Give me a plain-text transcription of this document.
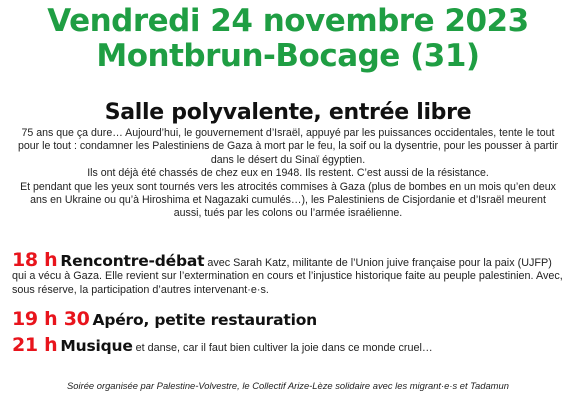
Vendredi 24 novembre 2023
Montbrun-Bocage (31)
Salle polyvalente, entrée libre

75 ans que ça dure… Aujourd’hui, le gouvernement d’Israël, appuyé par les puissances occidentales, tente le tout pour le tout : condamner les Palestiniens de Gaza à mort par le feu, la soif ou la dysentrie, pour les pousser à partir dans le désert du Sinaï égyptien.

Ils ont déjà été chassés de chez eux en 1948. Ils restent. C’est aussi de la résistance.

Et pendant que les yeux sont tournés vers les atrocités commises à Gaza (plus de bombes en un mois qu’en deux ans en Ukraine ou qu’à Hiroshima et Nagazaki cumulés…), les Palestiniens de Cisjordanie et d’Israël meurent aussi, tués par les colons ou l’armée israélienne.

18 h Rencontre-débat avec Sarah Katz, militante de l’Union juive française pour la paix (UJFP) qui a vécu à Gaza. Elle revient sur l’extermination en cours et l’injustice historique faite au peuple palestinien. Avec, sous réserve, la participation d’autres intervenant·e·s.
19 h 30 Apéro, petite restauration
21 h Musique et danse, car il faut bien cultiver la joie dans ce monde cruel…
Soirée organisée par Palestine-Volvestre, le Collectif Arize-Lèze solidaire avec les migrant·e·s et Tadamun
